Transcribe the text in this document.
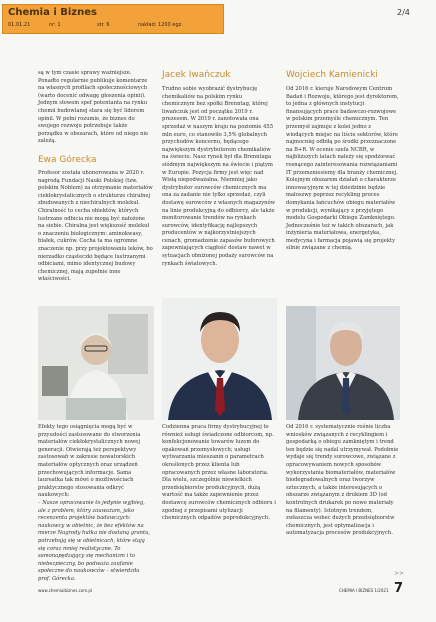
Chemia i Biznes
01.01.21	nr: 1	str. 6	nakład: 1200 egz.
2/4

są w tym czasie sprawy ważniejsze. Ponadto regularnie publikuje komentarze na własnych profilach społecznościowych (warto docenić odwagę głoszenia opinii). Jednym słowem spef potentanta na rynku chemii budowlanej stara się być liderem opinii. W pełni rozumie, że biznes do swojego rozwoju potrzebuje także porządku w obszarach, które od niego nie zależą.

Ewa Górecka

Profesor została uhonorowana w 2020 r. nagrodą Fundacji Nauki Polskiej (tzw. polskim Noblem) za otrzymanie materiałów ciekłokrystalicznych o strukturze chiralnej zbudowanych z niechiralnych molekuł. Chiralność to cecha obiektów, których lustrzane odbicia nie mogą być nałożone na siebie. Chiralna jest większość molekuł o znaczeniu biologicznym: aminokwasy, białek, cukrów. Cecha ta ma ogromne znaczenie np. przy projektowaniu leków, bo nierzadko cząsteczki będące lustrzanymi odbiciami, mimo identycznej budowy chemicznej, mają zupełnie inne właściwości.

Efekty tego osiągnięcia mogą być w przyszłości zastosowane do stworzenia materiałów ciekłokrystalicznych nowej generacji. Otwierają też perspektywy zastosowań w zakresie nowatorskich materiałów optycznych oraz urządzeń przechowujących informacje. Sama laureatka tak mówi o możliwościach praktycznego stosowania odkryć naukowych:

– Nasze opracowanie to jedynie wyjbieg, ale z problem, który zauważam, jako recenzenta projektów badawczych: naukowcy w obietnic, że bez efektów na mierze Nagrody hutka nie dostaną grantu, potrzebują się w obietnicach, które stają się coraz mniej realistyczne. To samonapędzający się mechanizm i to niebezpieczny, bo podważa zaufanie społeczne do naukowców – stwierdziła prof. Górecka.

Jacek Iwańczuk

Trudno sobie wyobrazić dystrybucję chemikaliów na polskim rynku chemicznym bez spółki Brenntag, której liwańczuk jest od początku 2019 r. prezesem. W 2019 r. zanotowała ona sprzedaż w naszym kraju na poziomie 455 mln euro, co stanowiło 3,5% globalnych przychodów koncernu, będącego największym dystrybutorem chemikaliów na świecie. Nasz rynek był dla Brenntaga siódmym największym na świecie i piątym w Europie. Pozycja firmy jest więc nad Wisłą niepodważalna. Niemniej jako dystrybutor surowców chemicznych ma ona za zadanie nie tylko sprzedaż, czyli dostawę surowców z własnych magazynów na linie produkcyjną do odbiorcy, ale także monitorowanie trendów na rynkach surowców, identyfikację najlepszych producentów w najkorzystniejszych cenach, gromadzenie zapasów buforowych zapewniających ciągłość dostaw nawet w sytuacjach obniżonej podaży surowców na rynkach światowych.

Codzienna praca firmy dystrybucyjnej to również usługi świadczone odbiorcom, np. konfekcjonowanie towarów luzem do opakowań przemysłowych; usługi wytwarzania mieszanin o parametrach określonych przez klienta lub opracowanych przez własne laboratoria. Dla wielu, szczególnie niewielkich przedsiębiorstw produkcyjnych, dużą wartość ma także zapewnienie przez dostawcę surowców chemicznych odbioru i zgodnej z przepisami utylizacji chemicznych odpadów poprodukcyjnych.

Wojciech Kamienicki

Od 2016 r. kieruje Narodowym Centrum Badań i Rozwoju, którego jest dyrektorem, to jedna z głównych instytucji finansujących prace badawczo-rozwojowe w polskim przemyśle chemicznym. Ten przemysł zajmuje z kolei jedno z wiodących miejsc na liście sektorów, które najmocniej odbiłą po środki przeznaczone na B+R. W ocenie szefa NCBR, w najbliższych latach należy się spodziewać rosnącego zainteresowania rozwiązaniami IT przemzniesiemy dla branży chemicznej. Kolejnym obszarem działań o charakterze innowacyjnym w tej dziedzinie będzie małoszwy poprzez recykling proces domykania łańcuchów obiegu materiałów w produkcji, wynikający z przyjętego modelu Gospodarki Obiegu Zamkniętego. Jednocześnie też w takich obszarach, jak inżynieria materiałowa, energetyka, medycyna i farmacja pojawią się projekty silnie związane z chemią.

Od 2016 r. systematycznie rośnie liczba wniosków związanych z recyklingiem i gospodarką o obiegu zamkniętym i trend ten będzie się nadal utrzymywał. Podobnie wydaje się trendy surowcowe, związane z opracowywaniem nowych sposobów wykorzystania biomateriałów, materiałów biodegradowalnych oraz tworzyw sztucznych, a także interesujących o obszarze związanym z drukiem 3D (od kontrolnych drukarek po nowe materiały na filamenty). Istotnym trendem, zwłaszcza wobec dużych przedsiębiorstw chemicznych, jest optymalizacja i automatyzacja procesów produkcyjnych.

>>
www.chemiaibiznes.com.pl	CHEMIA I BIZNES 1/2021 7
